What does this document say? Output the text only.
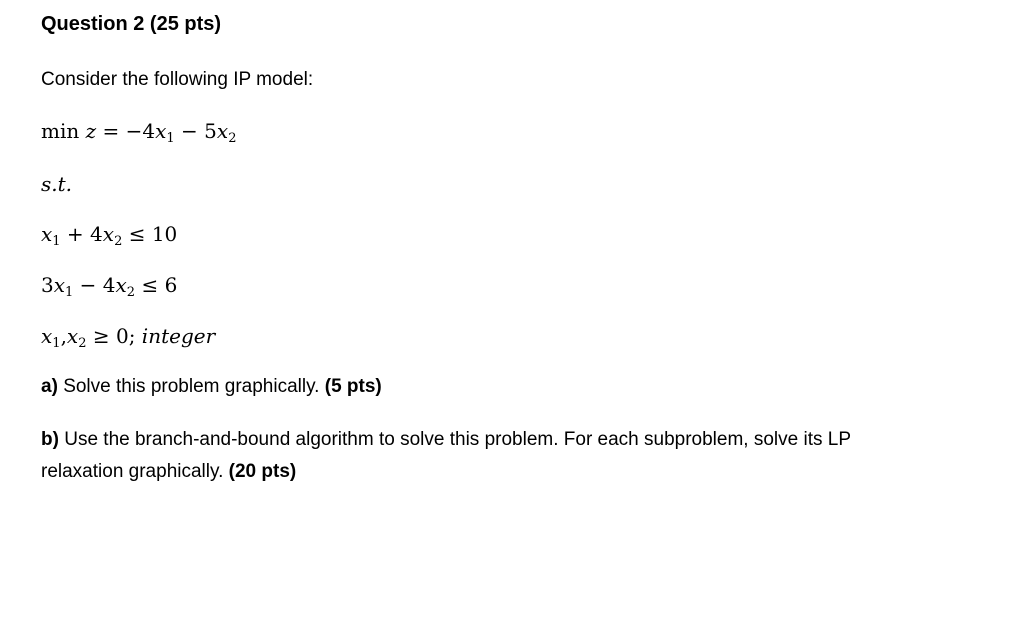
Question 2 (25 pts)
Consider the following IP model:
$\min z = -4x_1 - 5x_2$
s.t.
$x_1 + 4x_2 \le 10$
$3x_1 - 4x_2 \le 6$
$x_1,x_2 \ge 0$; integer
a) Solve this problem graphically. (5 pts)
b) Use the branch-and-bound algorithm to solve this problem. For each subproblem, solve its LP
relaxation graphically. (20 pts)
